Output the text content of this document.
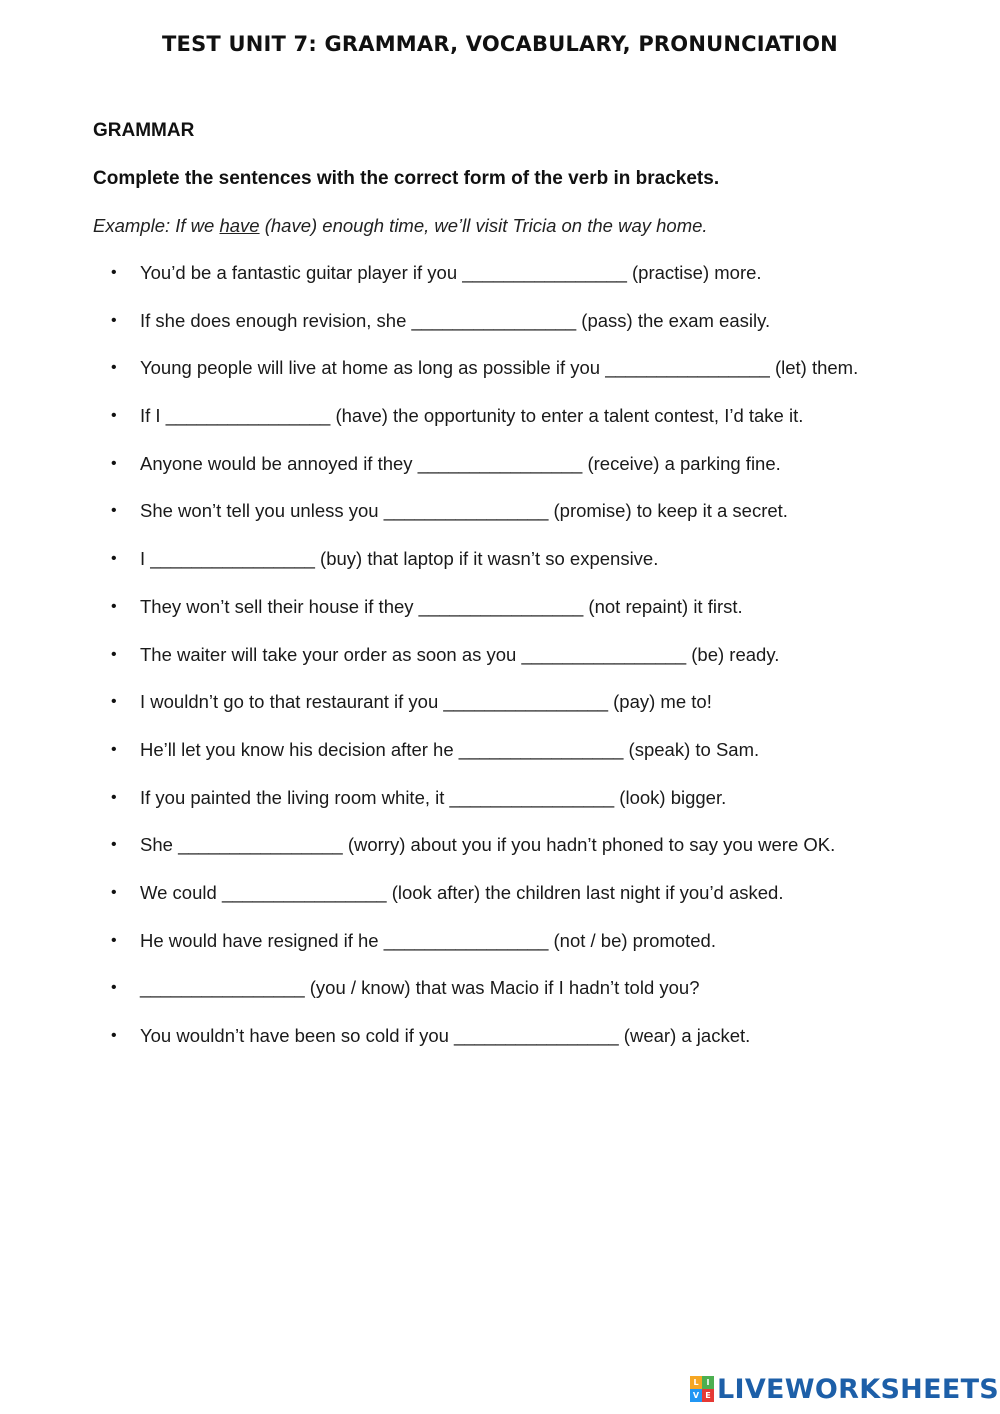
TEST UNIT 7: GRAMMAR, VOCABULARY, PRONUNCIATION
GRAMMAR
Complete the sentences with the correct form of the verb in brackets.
Example: If we have (have) enough time, we’ll visit Tricia on the way home.
• You’d be a fantastic guitar player if you ________________ (practise) more.
• If she does enough revision, she ________________ (pass) the exam easily.
• Young people will live at home as long as possible if you ________________ (let) them.
• If I ________________ (have) the opportunity to enter a talent contest, I’d take it.
• Anyone would be annoyed if they ________________ (receive) a parking fine.
• She won’t tell you unless you ________________ (promise) to keep it a secret.
• I ________________ (buy) that laptop if it wasn’t so expensive.
• They won’t sell their house if they ________________ (not repaint) it first.
• The waiter will take your order as soon as you ________________ (be) ready.
• I wouldn’t go to that restaurant if you ________________ (pay) me to!
• He’ll let you know his decision after he ________________ (speak) to Sam.
• If you painted the living room white, it ________________ (look) bigger.
• She ________________ (worry) about you if you hadn’t phoned to say you were OK.
• We could ________________ (look after) the children last night if you’d asked.
• He would have resigned if he ________________ (not / be) promoted.
• ________________ (you / know) that was Macio if I hadn’t told you?
• You wouldn’t have been so cold if you ________________ (wear) a jacket.
L I
V E LIVEWORKSHEETS
